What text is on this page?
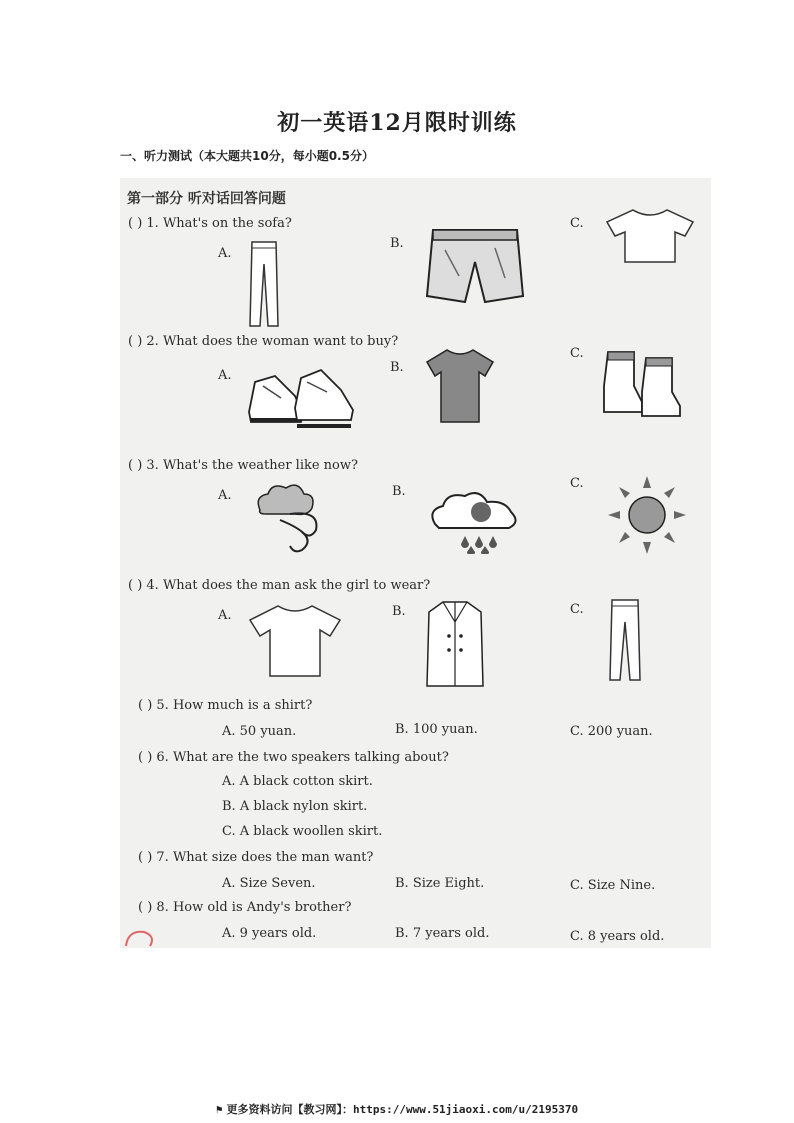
初一英语12月限时训练
一、听力测试（本大题共10分，每小题0.5分）
第一部分 听对话回答问题
( ) 1. What's on the sofa?
A.
B.
C.
( ) 2. What does the woman want to buy?
A.
B.
C.
( ) 3. What's the weather like now?
A.	B.
C.
( ) 4. What does the man ask the girl to wear?
A.	B.	C.
( ) 5. How much is a shirt?
A. 50 yuan.	B. 100 yuan.	C. 200 yuan.
( ) 6. What are the two speakers talking about?
A. A black cotton skirt.
B. A black nylon skirt.
C. A black woollen skirt.
( ) 7. What size does the man want?
A. Size Seven.	B. Size Eight.	C. Size Nine.
( ) 8. How old is Andy's brother?
A. 9 years old.	B. 7 years old.	C. 8 years old.
⚑ 更多资料访问【教习网】：https://www.51jiaoxi.com/u/2195370
